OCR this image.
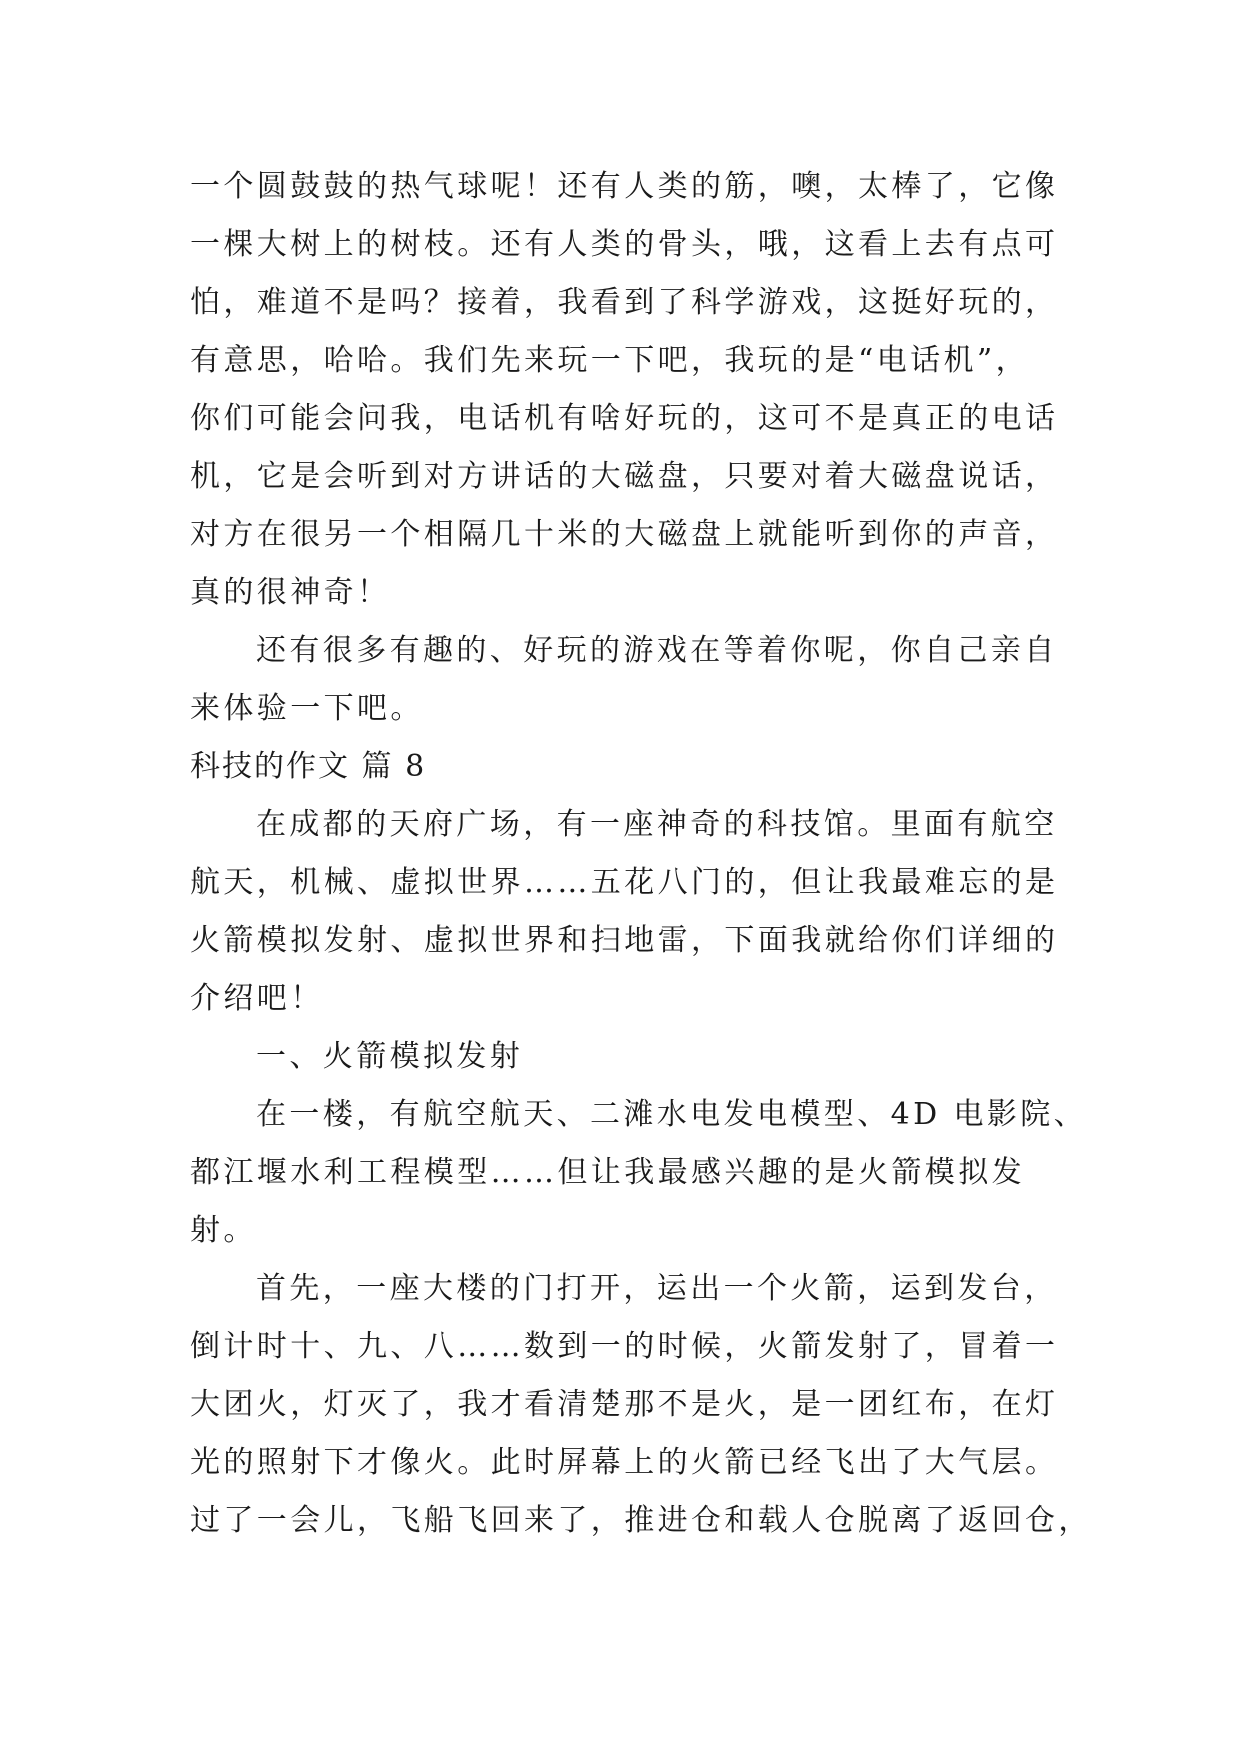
一个圆鼓鼓的热气球呢！还有人类的筋，噢，太棒了，它像
一棵大树上的树枝。还有人类的骨头，哦，这看上去有点可
怕，难道不是吗？接着，我看到了科学游戏，这挺好玩的，
有意思，哈哈。我们先来玩一下吧，我玩的是“电话机”，
你们可能会问我，电话机有啥好玩的，这可不是真正的电话
机，它是会听到对方讲话的大磁盘，只要对着大磁盘说话，
对方在很另一个相隔几十米的大磁盘上就能听到你的声音，
真的很神奇！
还有很多有趣的、好玩的游戏在等着你呢，你自己亲自
来体验一下吧。
科技的作文 篇 8
在成都的天府广场，有一座神奇的科技馆。里面有航空
航天，机械、虚拟世界……五花八门的，但让我最难忘的是
火箭模拟发射、虚拟世界和扫地雷，下面我就给你们详细的
介绍吧！
一、火箭模拟发射
在一楼，有航空航天、二滩水电发电模型、4D 电影院、
都江堰水利工程模型……但让我最感兴趣的是火箭模拟发
射。
首先，一座大楼的门打开，运出一个火箭，运到发台，
倒计时十、九、八……数到一的时候，火箭发射了，冒着一
大团火，灯灭了，我才看清楚那不是火，是一团红布，在灯
光的照射下才像火。此时屏幕上的火箭已经飞出了大气层。
过了一会儿，飞船飞回来了，推进仓和载人仓脱离了返回仓，
